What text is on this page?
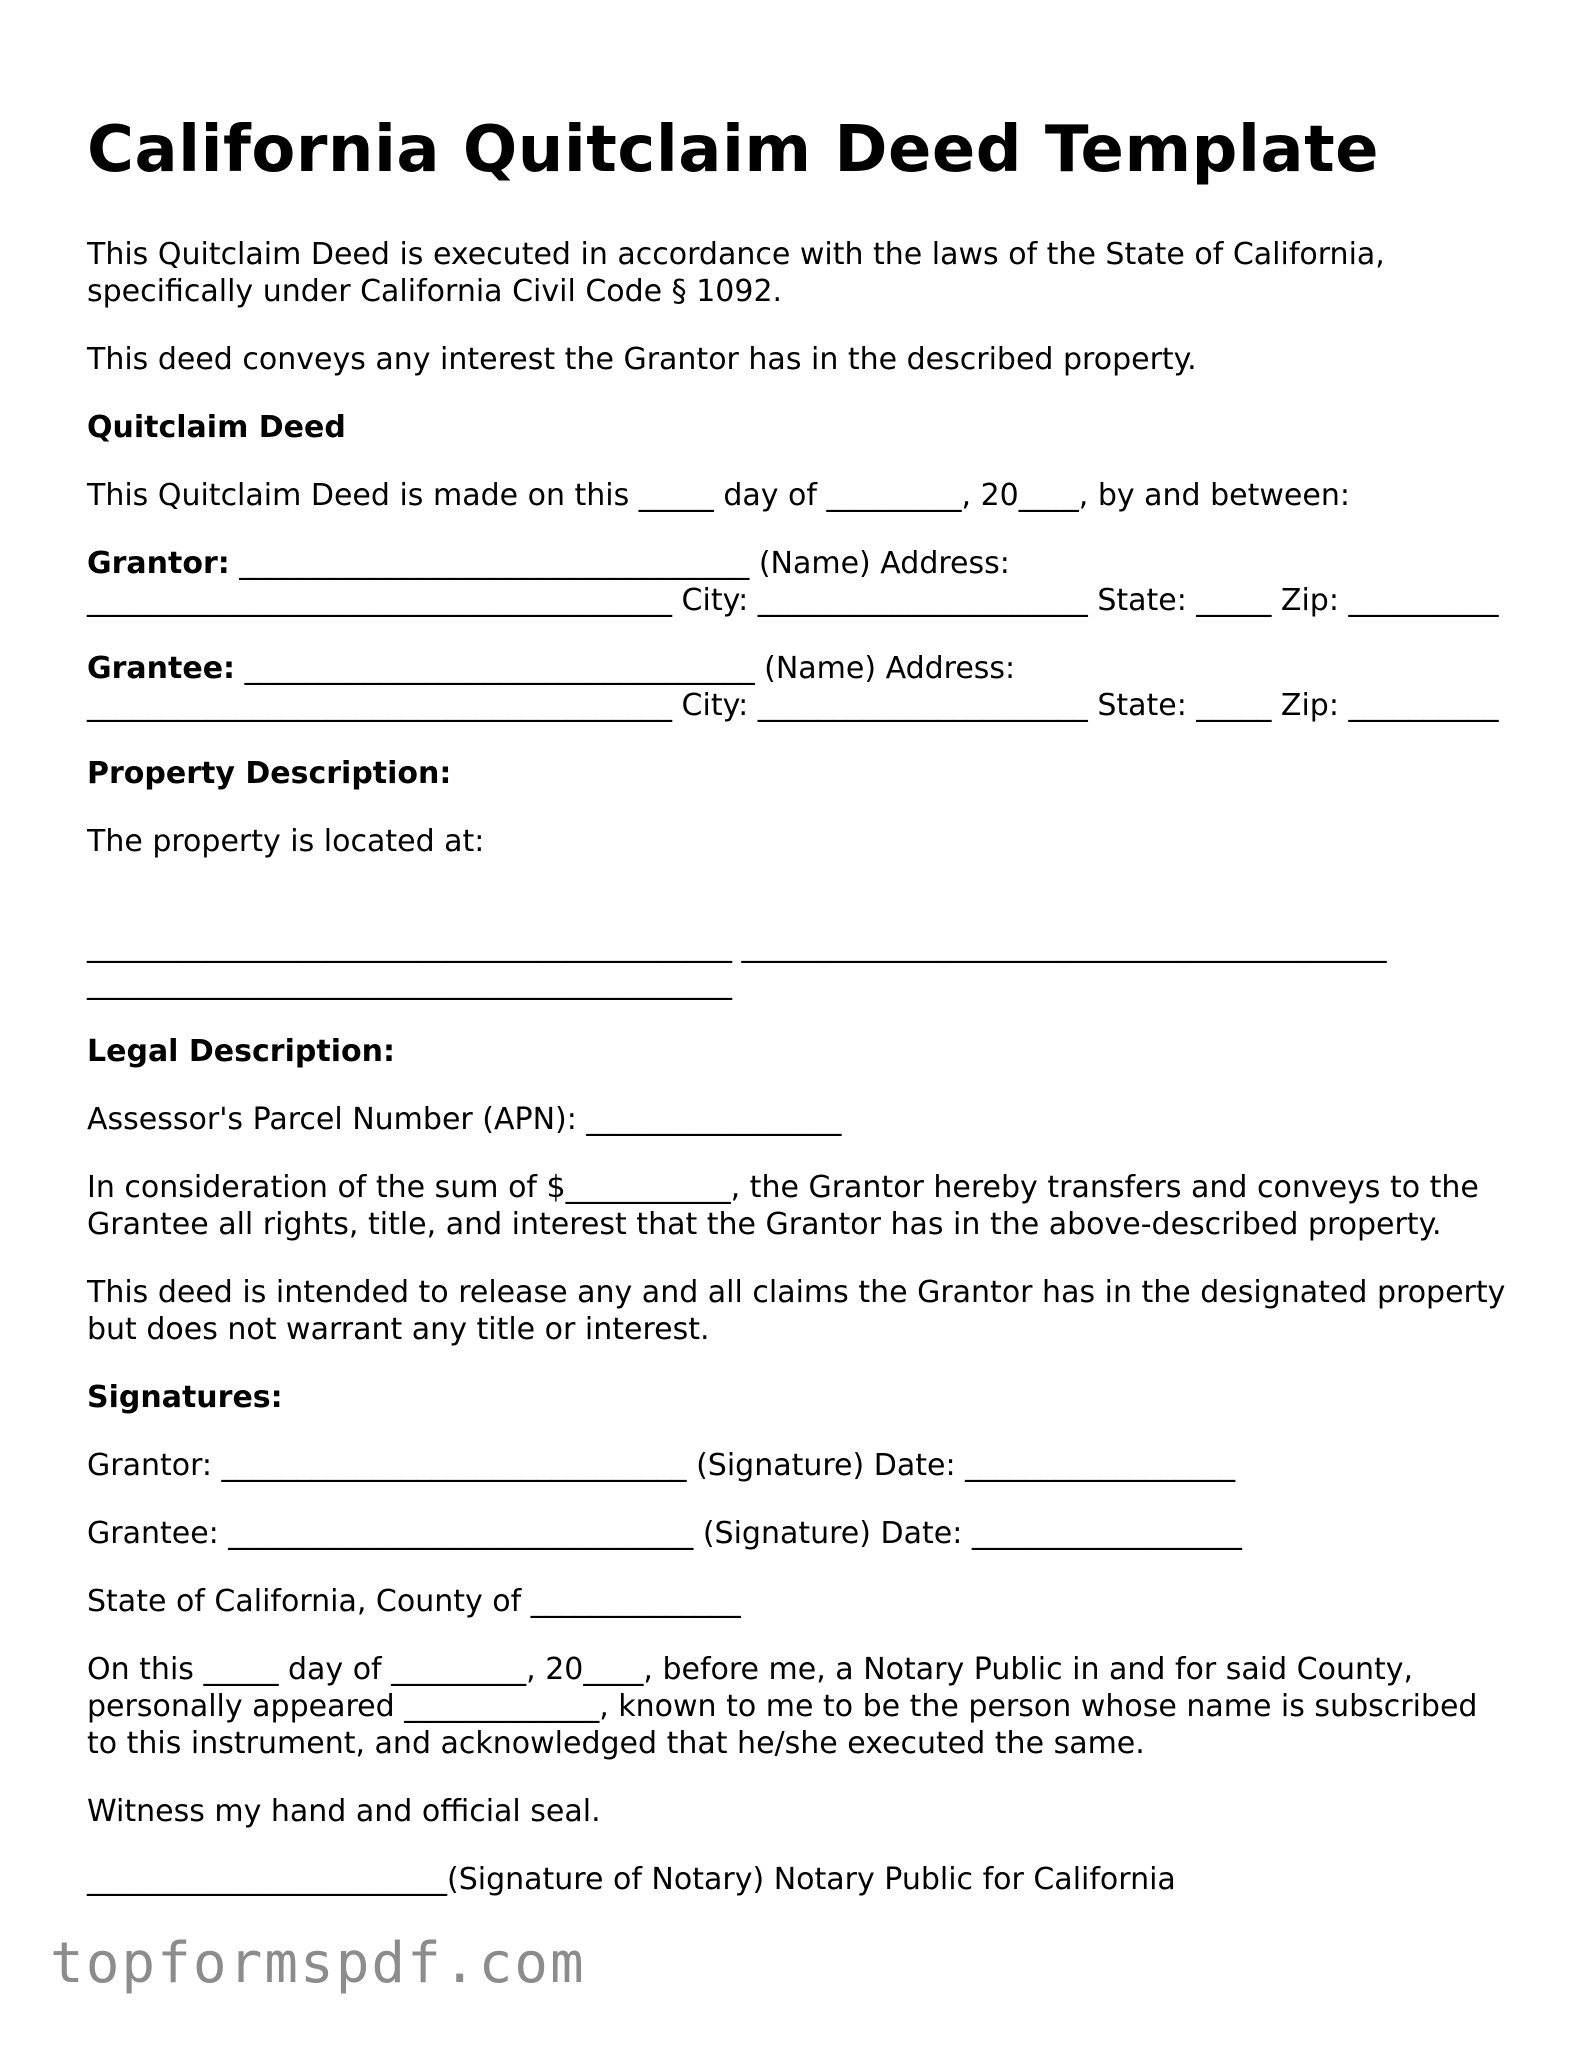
California Quitclaim Deed Template

This Quitclaim Deed is executed in accordance with the laws of the State of California, specifically under California Civil Code § 1092.

This deed conveys any interest the Grantor has in the described property.

Quitclaim Deed

This Quitclaim Deed is made on this _____ day of _________, 20____, by and between:

Grantor: __________________________________ (Name) Address: _______________________________________ City: ______________________ State: _____ Zip: __________

Grantee: __________________________________ (Name) Address: _______________________________________ City: ______________________ State: _____ Zip: __________

Property Description:

The property is located at:

___________________________________________ ___________________________________________ ___________________________________________

Legal Description:

Assessor's Parcel Number (APN): _________________

In consideration of the sum of $___________, the Grantor hereby transfers and conveys to the Grantee all rights, title, and interest that the Grantor has in the above-described property.

This deed is intended to release any and all claims the Grantor has in the designated property but does not warrant any title or interest.

Signatures:

Grantor: _______________________________ (Signature) Date: __________________

Grantee: _______________________________ (Signature) Date: __________________

State of California, County of ______________

On this _____ day of _________, 20____, before me, a Notary Public in and for said County, personally appeared _____________, known to me to be the person whose name is subscribed to this instrument, and acknowledged that he/she executed the same.

Witness my hand and official seal.

________________________(Signature of Notary) Notary Public for California

topformspdf.com
